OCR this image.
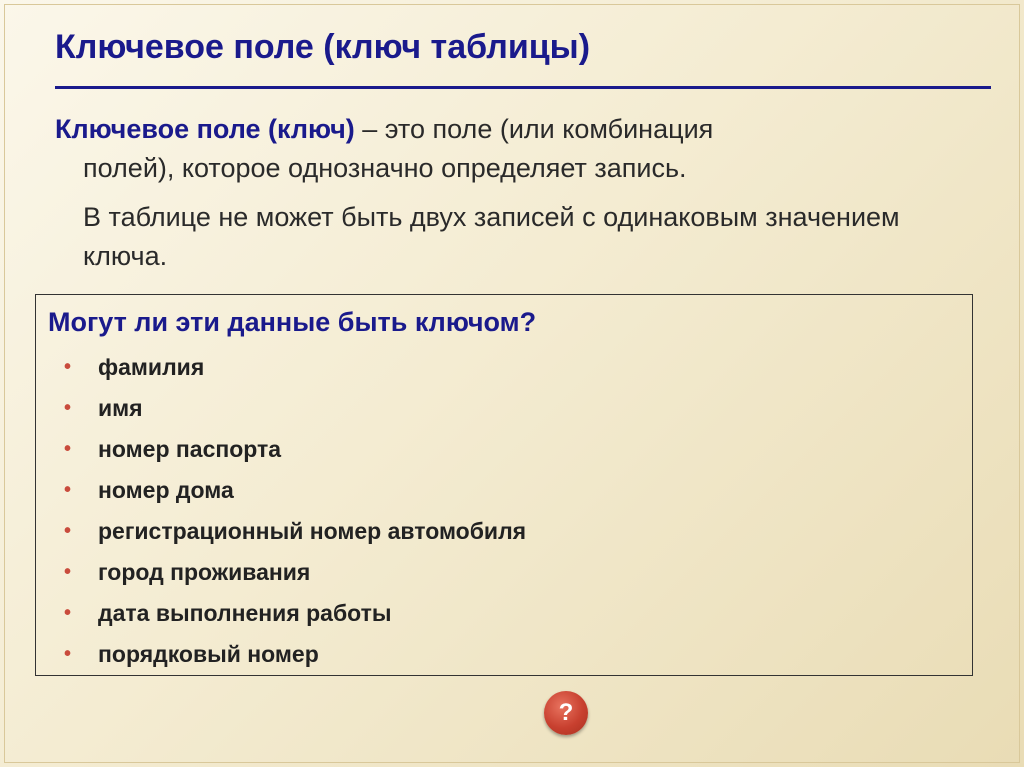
Ключевое поле (ключ таблицы)
Ключевое поле (ключ) – это поле (или комбинация
полей), которое однозначно определяет запись.
В таблице не может быть двух записей с одинаковым значением ключа.
Могут ли эти данные быть ключом?
• фамилия
• имя
• номер паспорта
• номер дома
• регистрационный номер автомобиля
• город проживания
• дата выполнения работы
• порядковый номер
?
